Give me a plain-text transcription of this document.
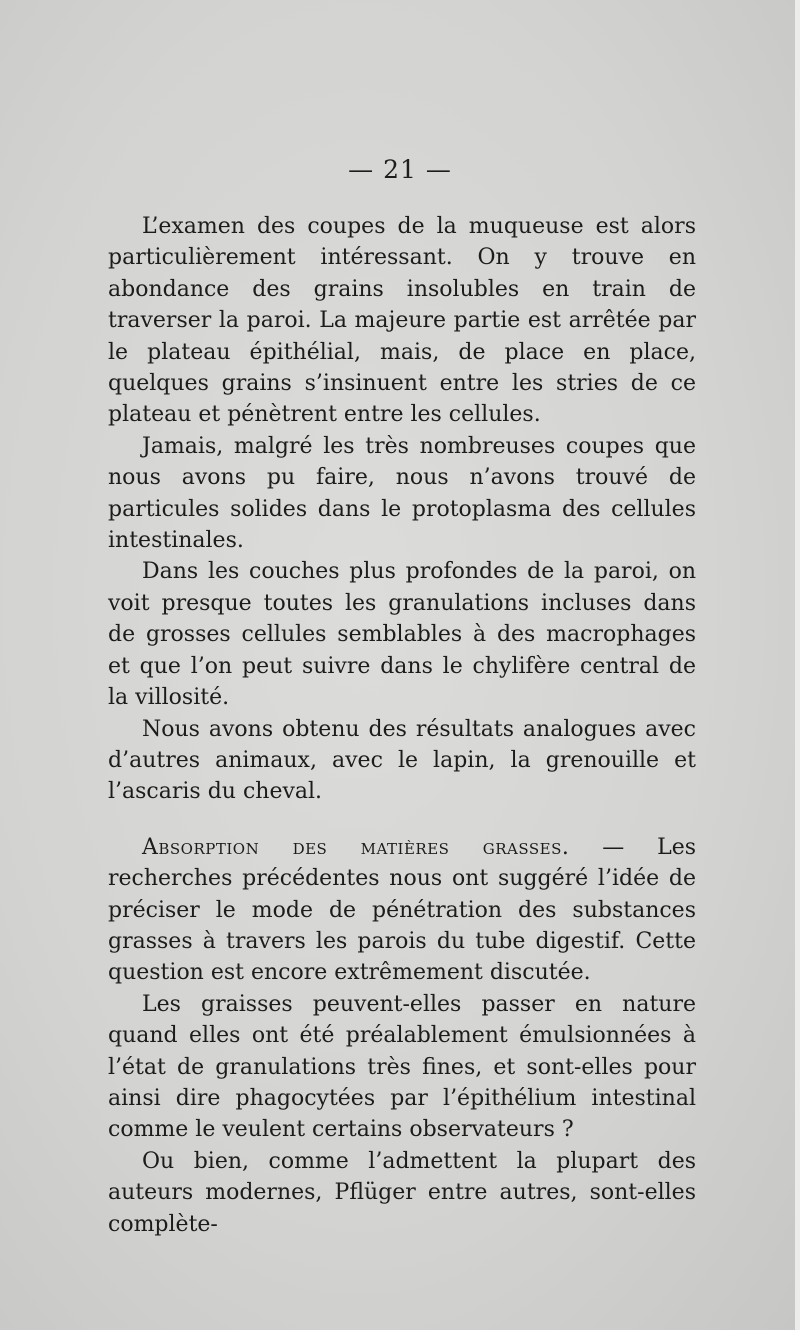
— 21 —

L’examen des coupes de la muqueuse est alors particulièrement intéressant. On y trouve en abondance des grains insolubles en train de traverser la paroi. La majeure partie est arrêtée par le plateau épithélial, mais, de place en place, quelques grains s’insinuent entre les stries de ce plateau et pénètrent entre les cellules.

Jamais, malgré les très nombreuses coupes que nous avons pu faire, nous n’avons trouvé de particules solides dans le protoplasma des cellules intestinales.

Dans les couches plus profondes de la paroi, on voit presque toutes les granulations incluses dans de grosses cellules semblables à des macrophages et que l’on peut suivre dans le chylifère central de la villosité.

Nous avons obtenu des résultats analogues avec d’autres animaux, avec le lapin, la grenouille et l’ascaris du cheval.

Absorption des matières grasses. — Les recherches précédentes nous ont suggéré l’idée de préciser le mode de pénétration des substances grasses à travers les parois du tube digestif. Cette question est encore extrêmement discutée.

Les graisses peuvent-elles passer en nature quand elles ont été préalablement émulsionnées à l’état de granulations très fines, et sont-elles pour ainsi dire phagocytées par l’épithélium intestinal comme le veulent certains observateurs ?

Ou bien, comme l’admettent la plupart des auteurs modernes, Pflüger entre autres, sont-elles complète-
